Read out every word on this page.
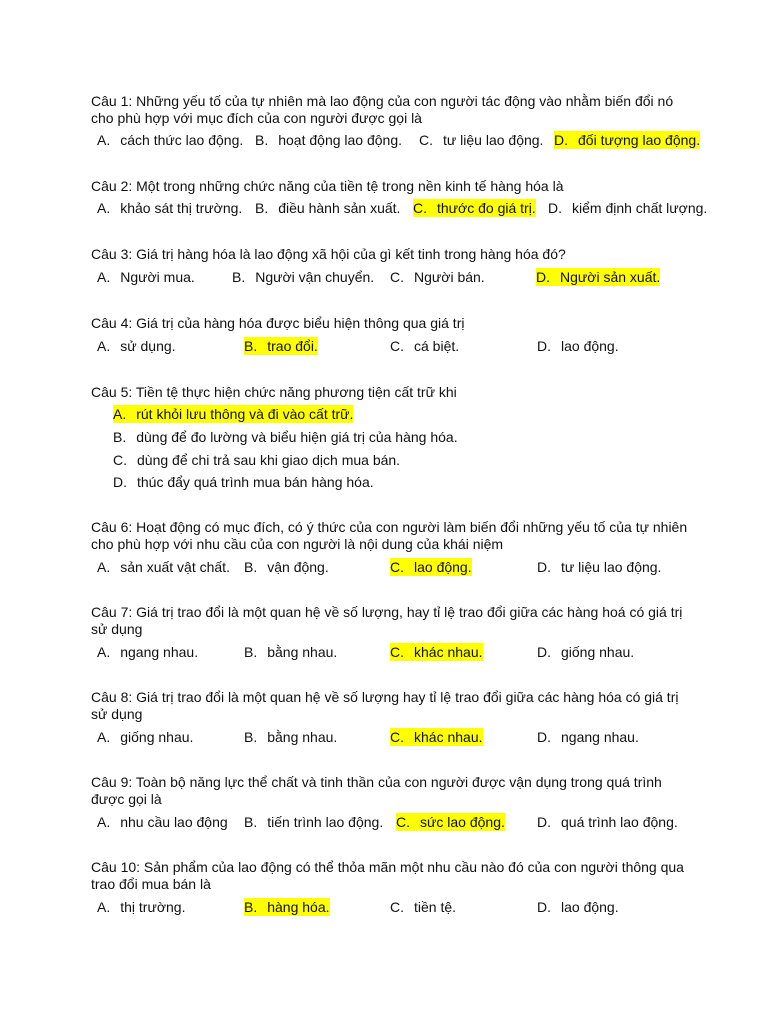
Câu 1: Những yếu tố của tự nhiên mà lao động của con người tác động vào nhằm biến đổi nó cho phù hợp với mục đích của con người được gọi là

A. cách thức lao động. B. hoạt động lao động. C. tư liệu lao động. D. đối tượng lao động.

Câu 2: Một trong những chức năng của tiền tệ trong nền kinh tế hàng hóa là

A. khảo sát thị trường. B. điều hành sản xuất. C. thước đo giá trị. D. kiểm định chất lượng.

Câu 3: Giá trị hàng hóa là lao động xã hội của gì kết tinh trong hàng hóa đó?

A. Người mua.	B. Người vận chuyển. C. Người bán.	D. Người sản xuất.

Câu 4: Giá trị của hàng hóa được biểu hiện thông qua giá trị

A. sử dụng.	B. trao đổi.	C. cá biệt.	D. lao động.

Câu 5: Tiền tệ thực hiện chức năng phương tiện cất trữ khi

A. rút khỏi lưu thông và đi vào cất trữ.
B. dùng để đo lường và biểu hiện giá trị của hàng hóa.
C. dùng để chi trả sau khi giao dịch mua bán.
D. thúc đẩy quá trình mua bán hàng hóa.

Câu 6: Hoạt động có mục đích, có ý thức của con người làm biến đổi những yếu tố của tự nhiên cho phù hợp với nhu cầu của con người là nội dung của khái niệm

A. sản xuất vật chất. B. vận động.	C. lao động.	D. tư liệu lao động.

Câu 7: Giá trị trao đổi là một quan hệ về số lượng, hay tỉ lệ trao đổi giữa các hàng hoá có giá trị sử dụng

A. ngang nhau.	B. bằng nhau.	C. khác nhau.	D. giống nhau.

Câu 8: Giá trị trao đổi là một quan hệ về số lượng hay tỉ lệ trao đổi giữa các hàng hóa có giá trị sử dụng

A. giống nhau.	B. bằng nhau.	C. khác nhau.	D. ngang nhau.

Câu 9: Toàn bộ năng lực thể chất và tinh thần của con người được vận dụng trong quá trình được gọi là

A. nhu cầu lao động B. tiến trình lao động. C. sức lao động. D. quá trình lao động.

Câu 10: Sản phẩm của lao động có thể thỏa mãn một nhu cầu nào đó của con người thông qua trao đổi mua bán là

A. thị trường.	B. hàng hóa.	C. tiền tệ.	D. lao động.
